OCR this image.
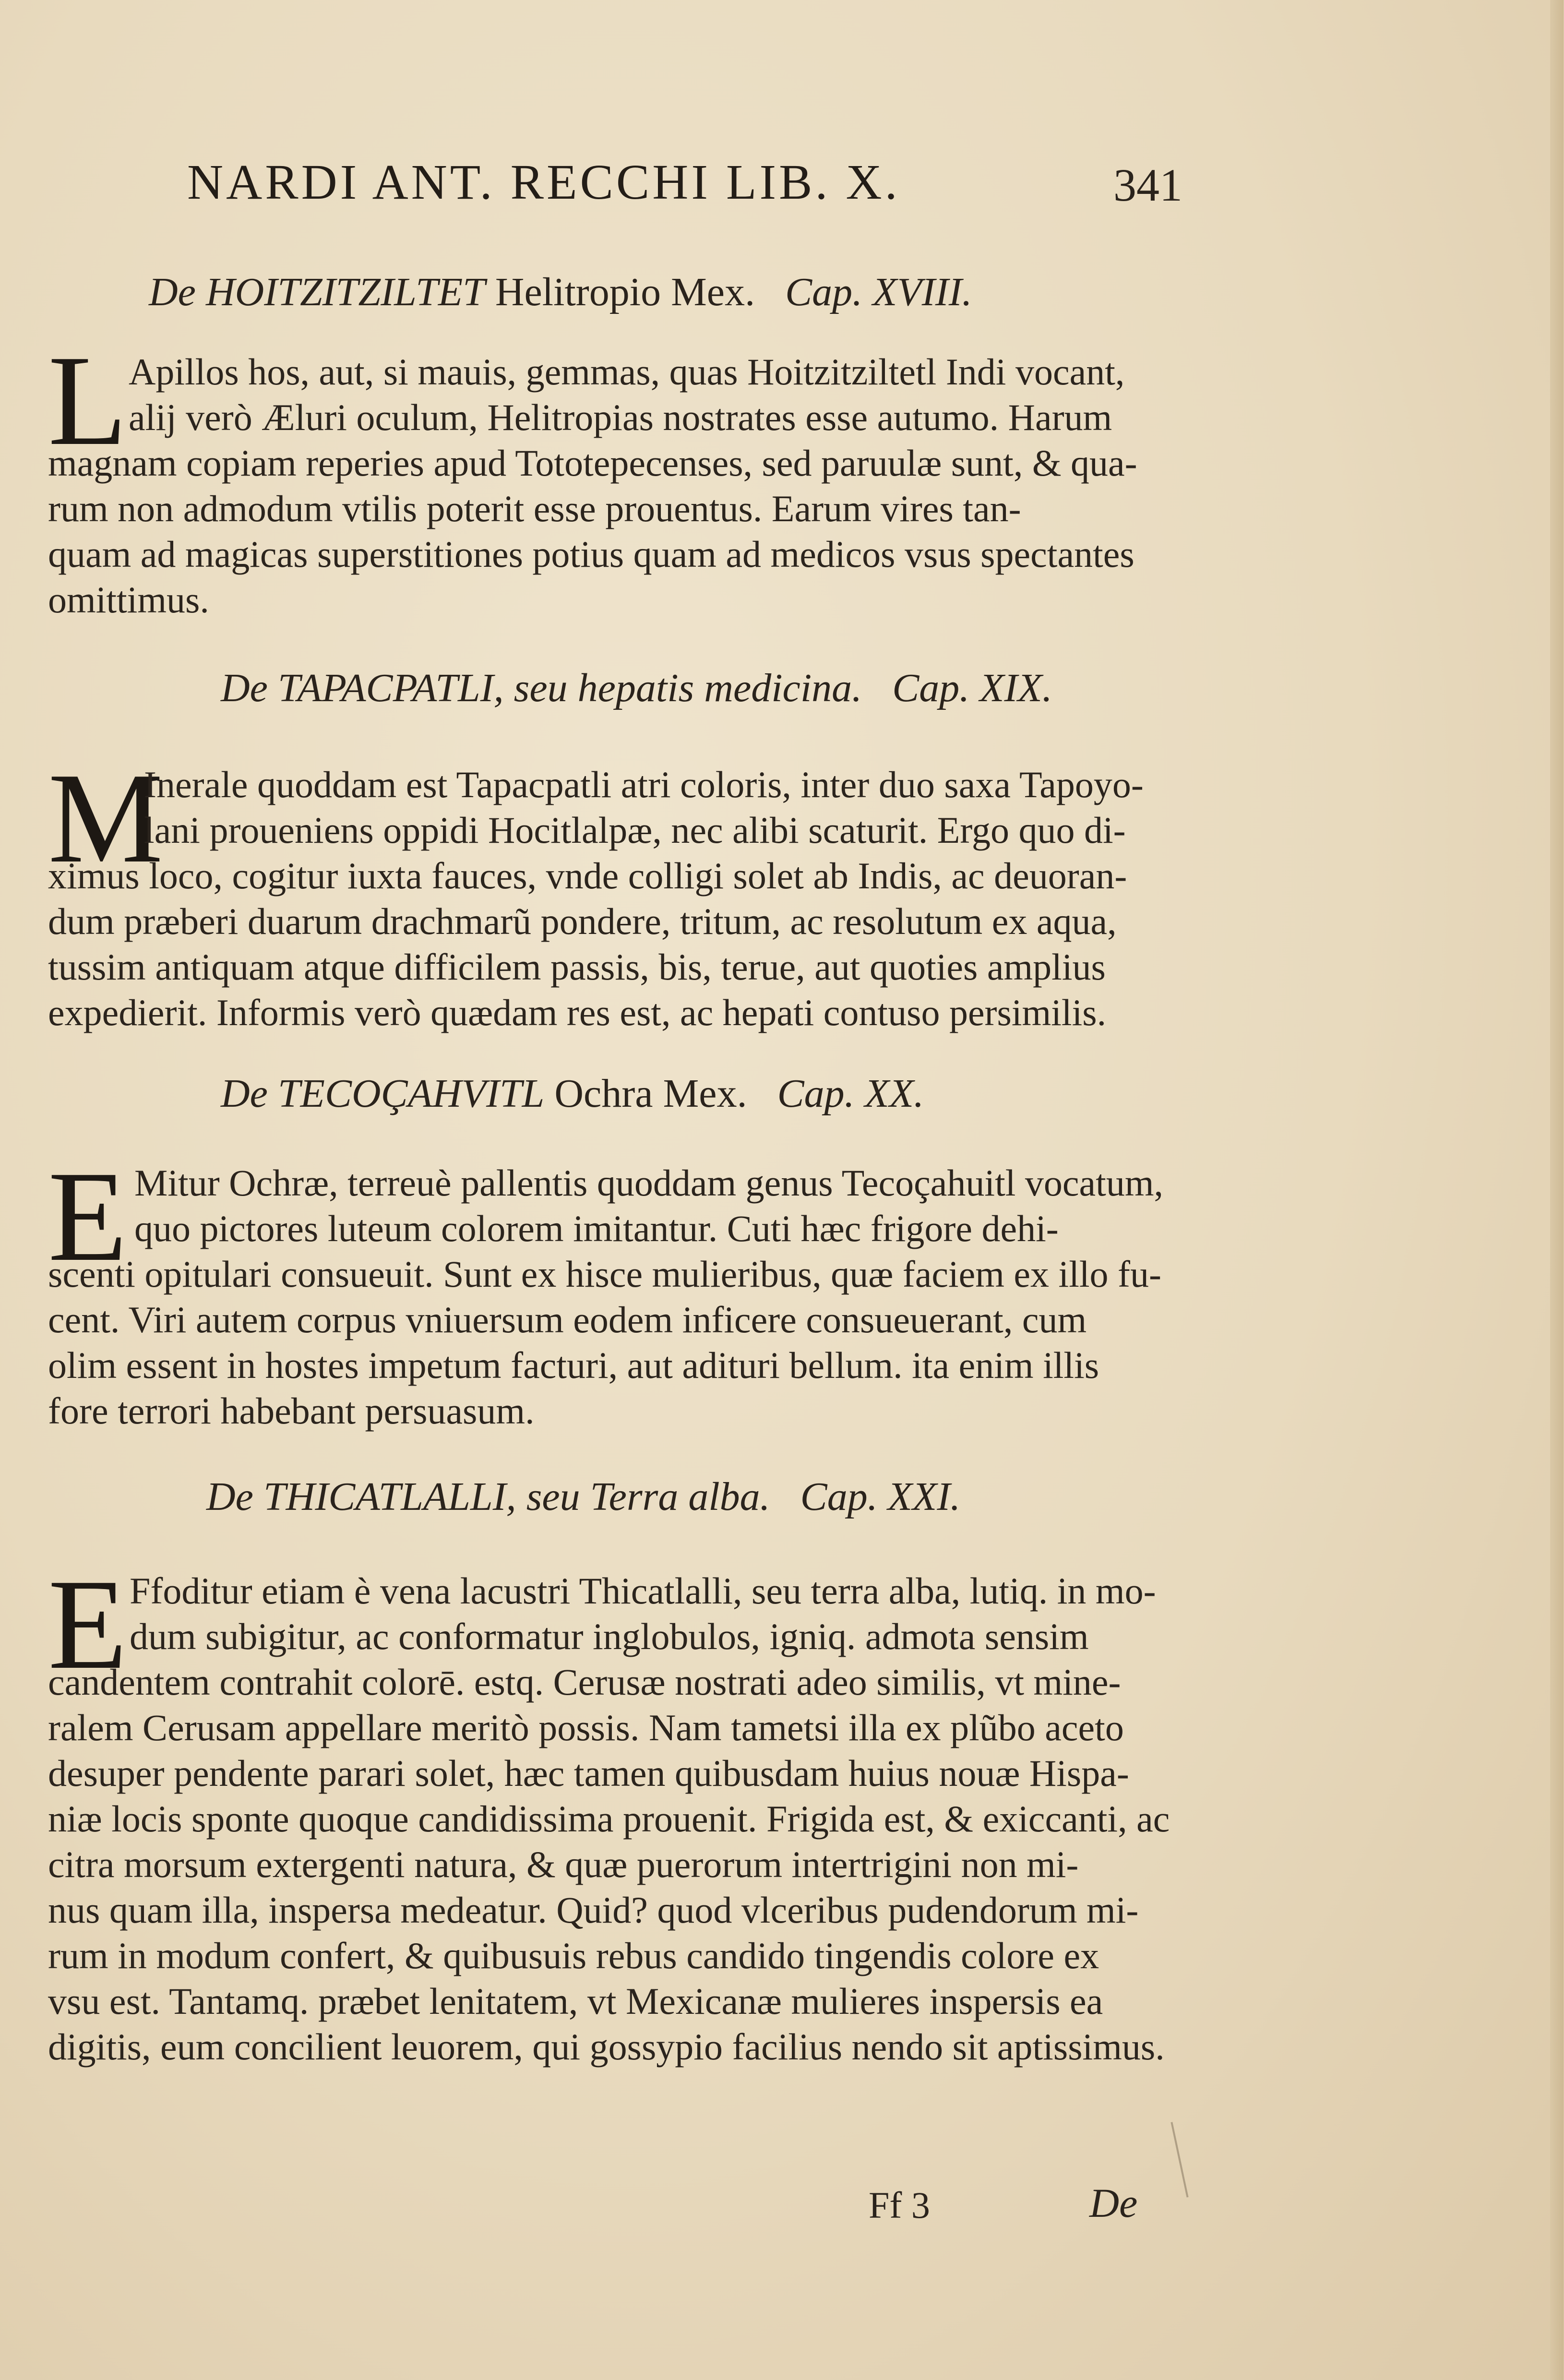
NARDI ANT. RECCHI LIB. X.	341
De HOITZITZILTET Helitropio Mex. Cap. XVIII.
L Apillos hos, aut, si mauis, gemmas, quas Hoitzitziltetl Indi vocant,
alij verò Æluri oculum, Helitropias nostrates esse autumo. Harum
magnam copiam reperies apud Tototepecenses, sed paruulæ sunt, & qua-
rum non admodum vtilis poterit esse prouentus. Earum vires tan-
quam ad magicas superstitiones potius quam ad medicos vsus spectantes
omittimus.
De TAPACPATLI, seu hepatis medicina. Cap. XIX.
M
Inerale quoddam est Tapacpatli atri coloris, inter duo saxa Tapoyo-
lani proueniens oppidi Hocitlalpæ, nec alibi scaturit. Ergo quo di-
ximus loco, cogitur iuxta fauces, vnde colligi solet ab Indis, ac deuoran-
dum præberi duarum drachmarũ pondere, tritum, ac resolutum ex aqua,
tussim antiquam atque difficilem passis, bis, terue, aut quoties amplius
expedierit. Informis verò quædam res est, ac hepati contuso persimilis.
De TECOÇAHVITL Ochra Mex. Cap. XX.
E Mitur Ochræ, terreuè pallentis quoddam genus Tecoçahuitl vocatum,
quo pictores luteum colorem imitantur. Cuti hæc frigore dehi-
scenti opitulari consueuit. Sunt ex hisce mulieribus, quæ faciem ex illo fu-
cent. Viri autem corpus vniuersum eodem inficere consueuerant, cum
olim essent in hostes impetum facturi, aut adituri bellum. ita enim illis
fore terrori habebant persuasum.
De THICATLALLI, seu Terra alba. Cap. XXI.
E Ffoditur etiam è vena lacustri Thicatlalli, seu terra alba, lutiq. in mo-
dum subigitur, ac conformatur inglobulos, igniq. admota sensim
candentem contrahit colorē. estq. Cerusæ nostrati adeo similis, vt mine-
ralem Cerusam appellare meritò possis. Nam tametsi illa ex plũbo aceto
desuper pendente parari solet, hæc tamen quibusdam huius nouæ Hispa-
niæ locis sponte quoque candidissima prouenit. Frigida est, & exiccanti, ac
citra morsum extergenti natura, & quæ puerorum intertrigini non mi-
nus quam illa, inspersa medeatur. Quid? quod vlceribus pudendorum mi-
rum in modum confert, & quibusuis rebus candido tingendis colore ex
vsu est. Tantamq. præbet lenitatem, vt Mexicanæ mulieres inspersis ea
digitis, eum concilient leuorem, qui gossypio facilius nendo sit aptissimus.
Ff 3	De
